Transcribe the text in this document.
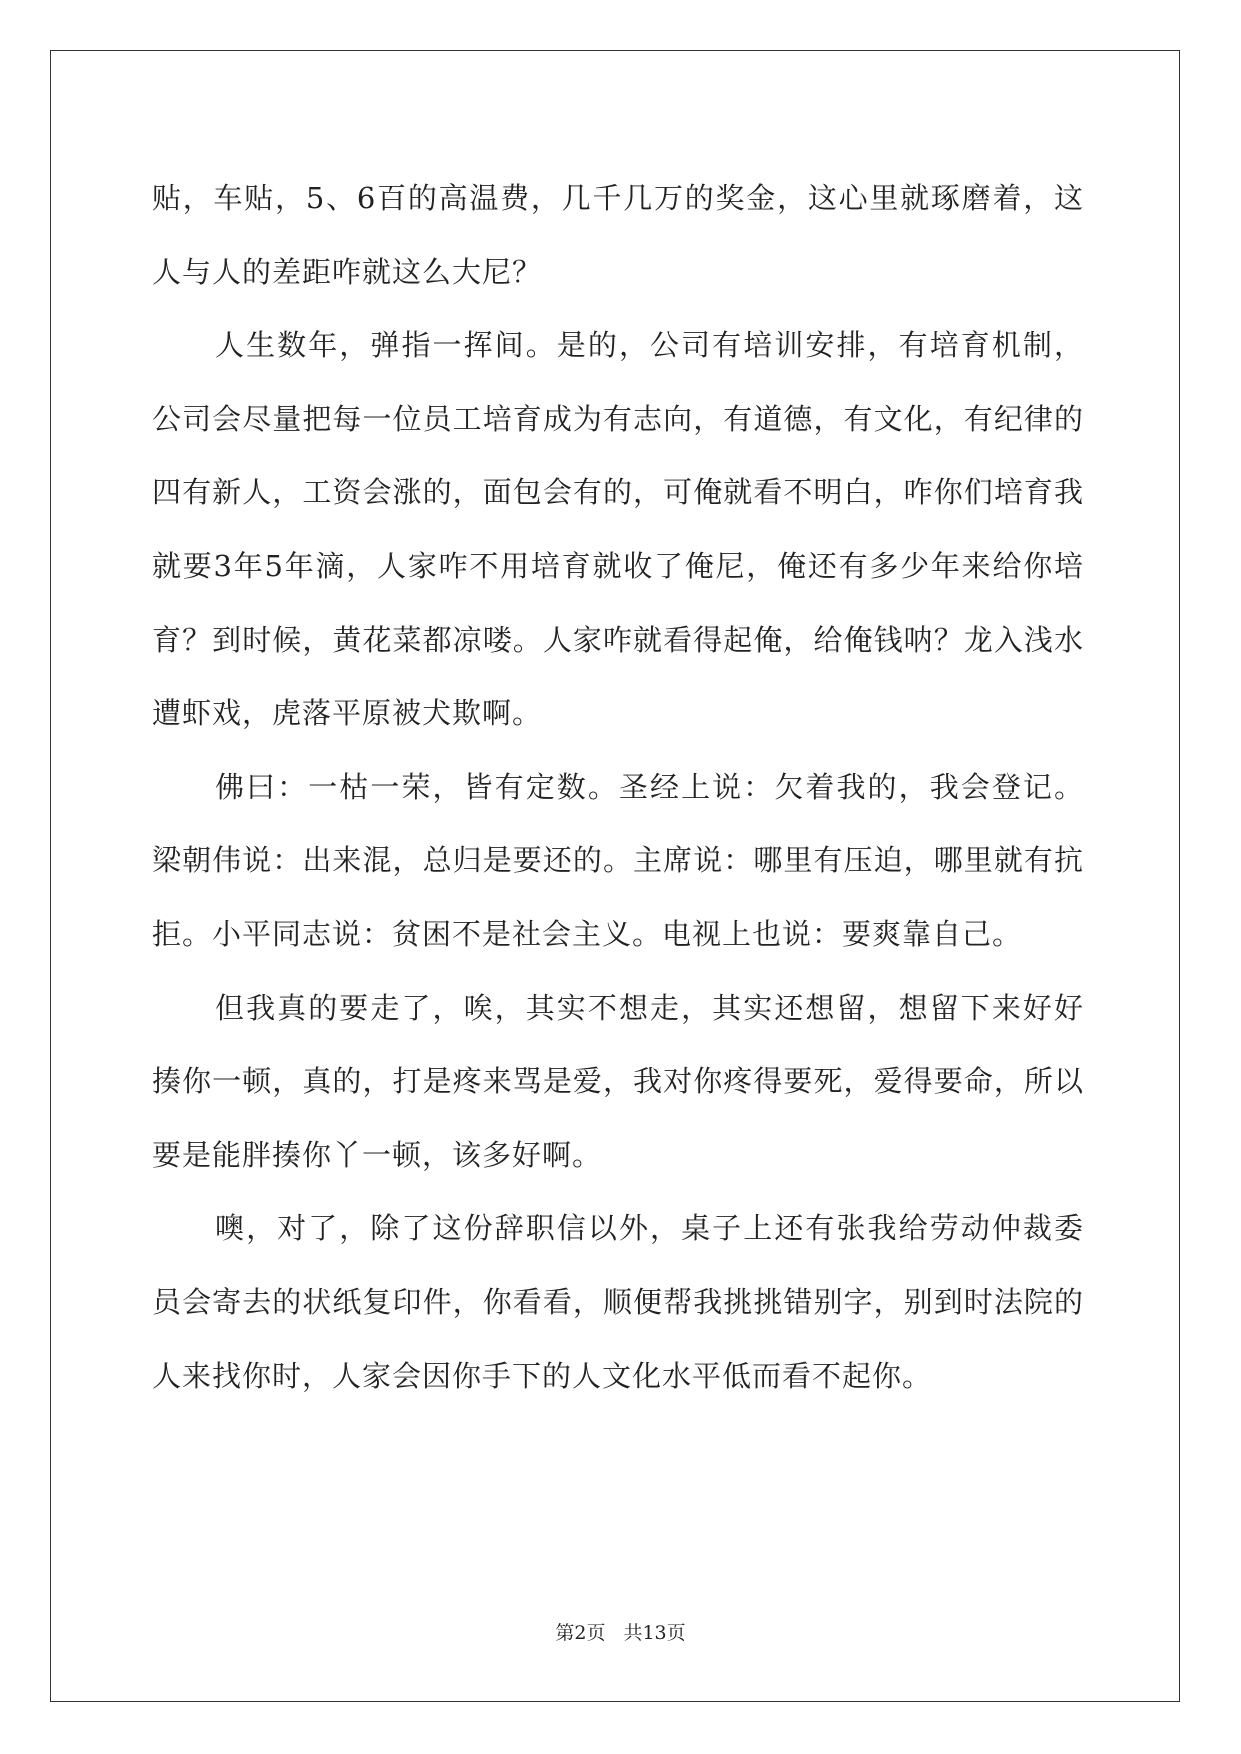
贴，车贴，5、6百的高温费，几千几万的奖金，这心里就琢磨着，这人与人的差距咋就这么大尼？

人生数年，弹指一挥间。是的，公司有培训安排，有培育机制，公司会尽量把每一位员工培育成为有志向，有道德，有文化，有纪律的四有新人，工资会涨的，面包会有的，可俺就看不明白，咋你们培育我就要3年5年滴，人家咋不用培育就收了俺尼，俺还有多少年来给你培育？到时候，黄花菜都凉喽。人家咋就看得起俺，给俺钱呐？龙入浅水遭虾戏，虎落平原被犬欺啊。

佛曰：一枯一荣，皆有定数。圣经上说：欠着我的，我会登记。梁朝伟说：出来混，总归是要还的。主席说：哪里有压迫，哪里就有抗拒。小平同志说：贫困不是社会主义。电视上也说：要爽靠自己。

但我真的要走了，唉，其实不想走，其实还想留，想留下来好好揍你一顿，真的，打是疼来骂是爱，我对你疼得要死，爱得要命，所以要是能胖揍你丫一顿，该多好啊。

噢，对了，除了这份辞职信以外，桌子上还有张我给劳动仲裁委员会寄去的状纸复印件，你看看，顺便帮我挑挑错别字，别到时法院的人来找你时，人家会因你手下的人文化水平低而看不起你。

第2页 共13页
